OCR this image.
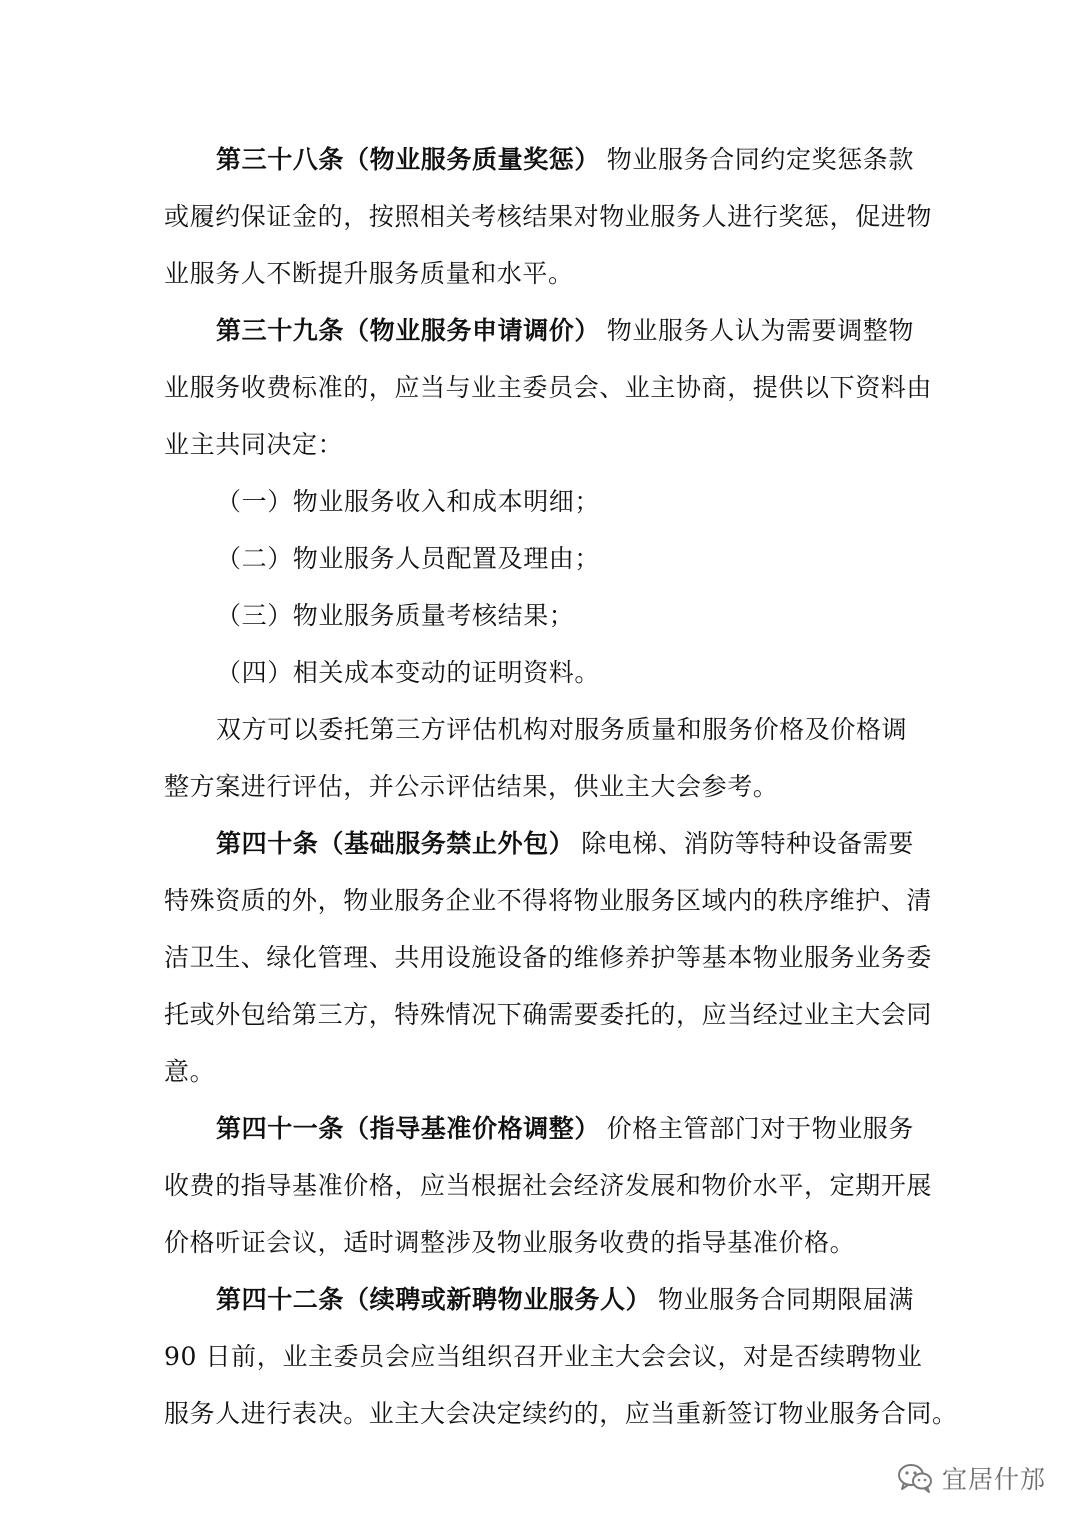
第三十八条（物业服务质量奖惩） 物业服务合同约定奖惩条款
或履约保证金的，按照相关考核结果对物业服务人进行奖惩，促进物
业服务人不断提升服务质量和水平。
第三十九条（物业服务申请调价） 物业服务人认为需要调整物
业服务收费标准的，应当与业主委员会、业主协商，提供以下资料由
业主共同决定：
（一）物业服务收入和成本明细；
（二）物业服务人员配置及理由；
（三）物业服务质量考核结果；
（四）相关成本变动的证明资料。
双方可以委托第三方评估机构对服务质量和服务价格及价格调
整方案进行评估，并公示评估结果，供业主大会参考。
第四十条（基础服务禁止外包） 除电梯、消防等特种设备需要
特殊资质的外，物业服务企业不得将物业服务区域内的秩序维护、清
洁卫生、绿化管理、共用设施设备的维修养护等基本物业服务业务委
托或外包给第三方，特殊情况下确需要委托的，应当经过业主大会同
意。
第四十一条（指导基准价格调整） 价格主管部门对于物业服务
收费的指导基准价格，应当根据社会经济发展和物价水平，定期开展
价格听证会议，适时调整涉及物业服务收费的指导基准价格。
第四十二条（续聘或新聘物业服务人） 物业服务合同期限届满
90 日前，业主委员会应当组织召开业主大会会议，对是否续聘物业
服务人进行表决。业主大会决定续约的，应当重新签订物业服务合同。
宜居什邡
